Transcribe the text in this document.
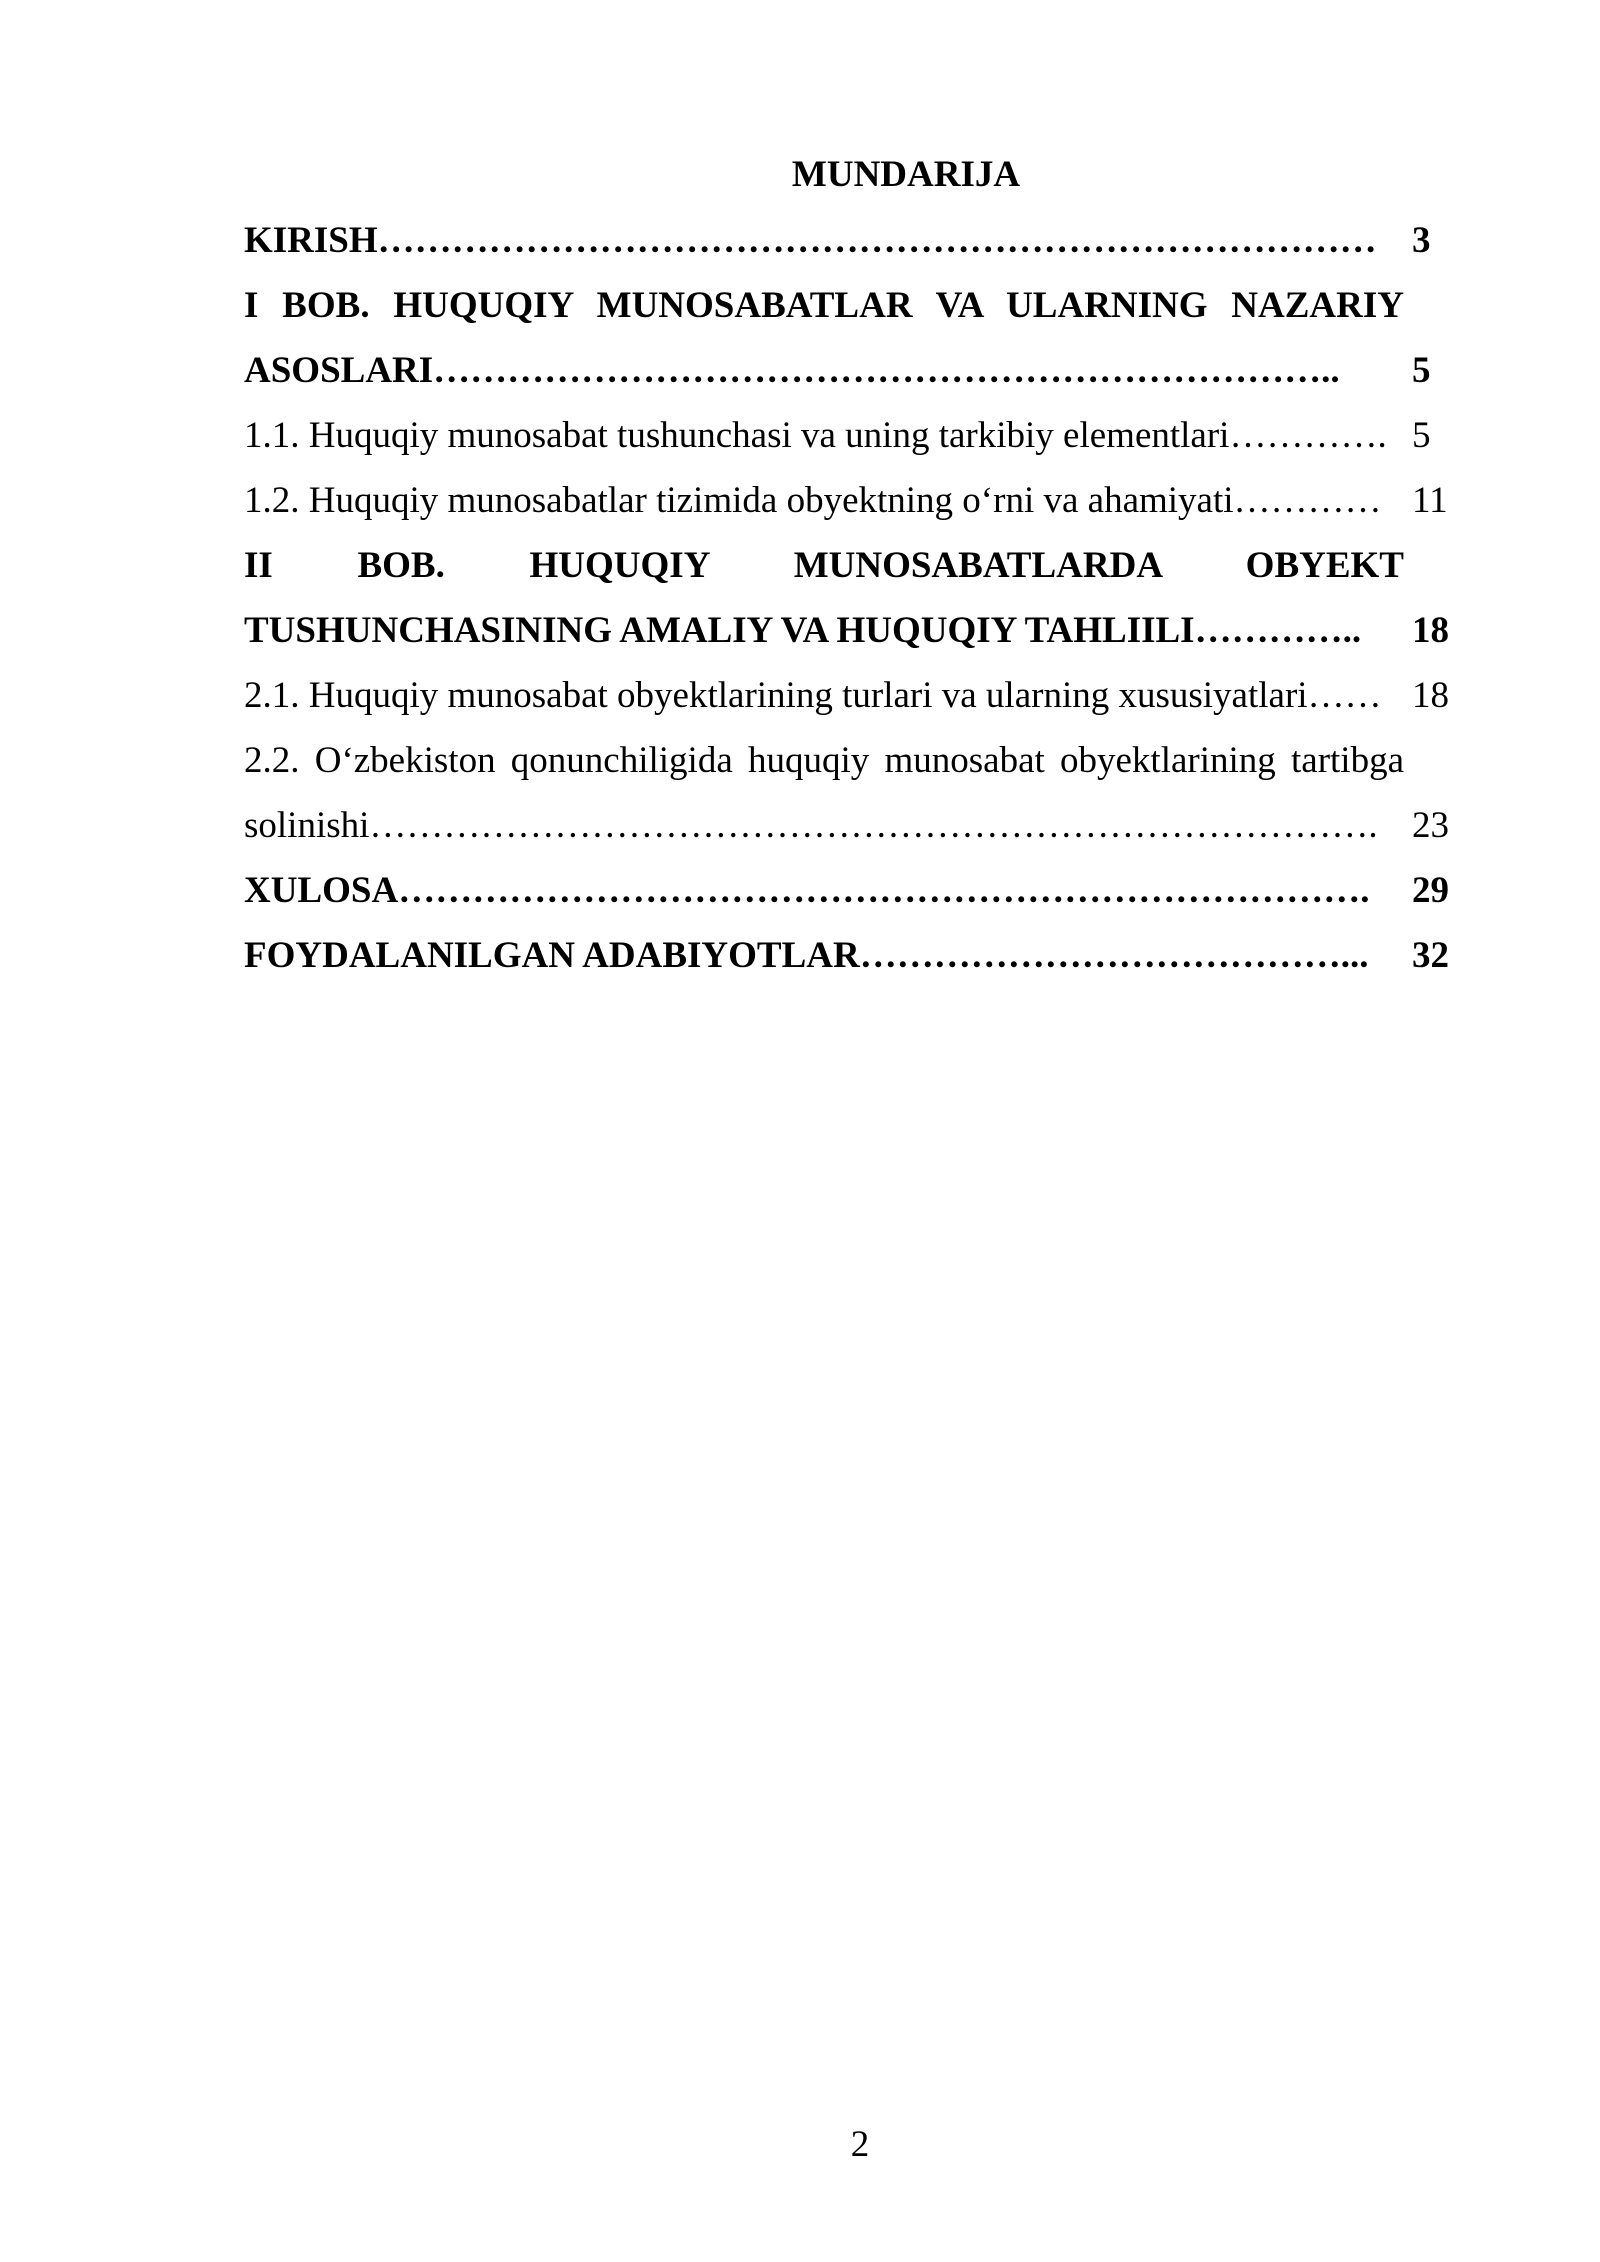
MUNDARIJA
KIRISH……………………………………………………………………… 3
I BOB. HUQUQIY MUNOSABATLAR VA ULARNING NAZARIY ASOSLARI………………………………………………………………..	5
1.1. Huquqiy munosabat tushunchasi va uning tarkibiy elementlari…………. 5
1.2. Huquqiy munosabatlar tizimida obyektning o‘rni va ahamiyati………… 11
II BOB. HUQUQIY MUNOSABATLARDA OBYEKT TUSHUNCHASINING AMALIY VA HUQUQIY TAHLIILI…………..	18
2.1. Huquqiy munosabat obyektlarining turlari va ularning xususiyatlari…… 18
2.2. O‘zbekiston qonunchiligida huquqiy munosabat obyektlarining tartibga solinishi………………………………………………………………………. 23
XULOSA…………………………………………………………………….	29
FOYDALANILGAN ADABIYOTLAR…………………………………...	32
2
